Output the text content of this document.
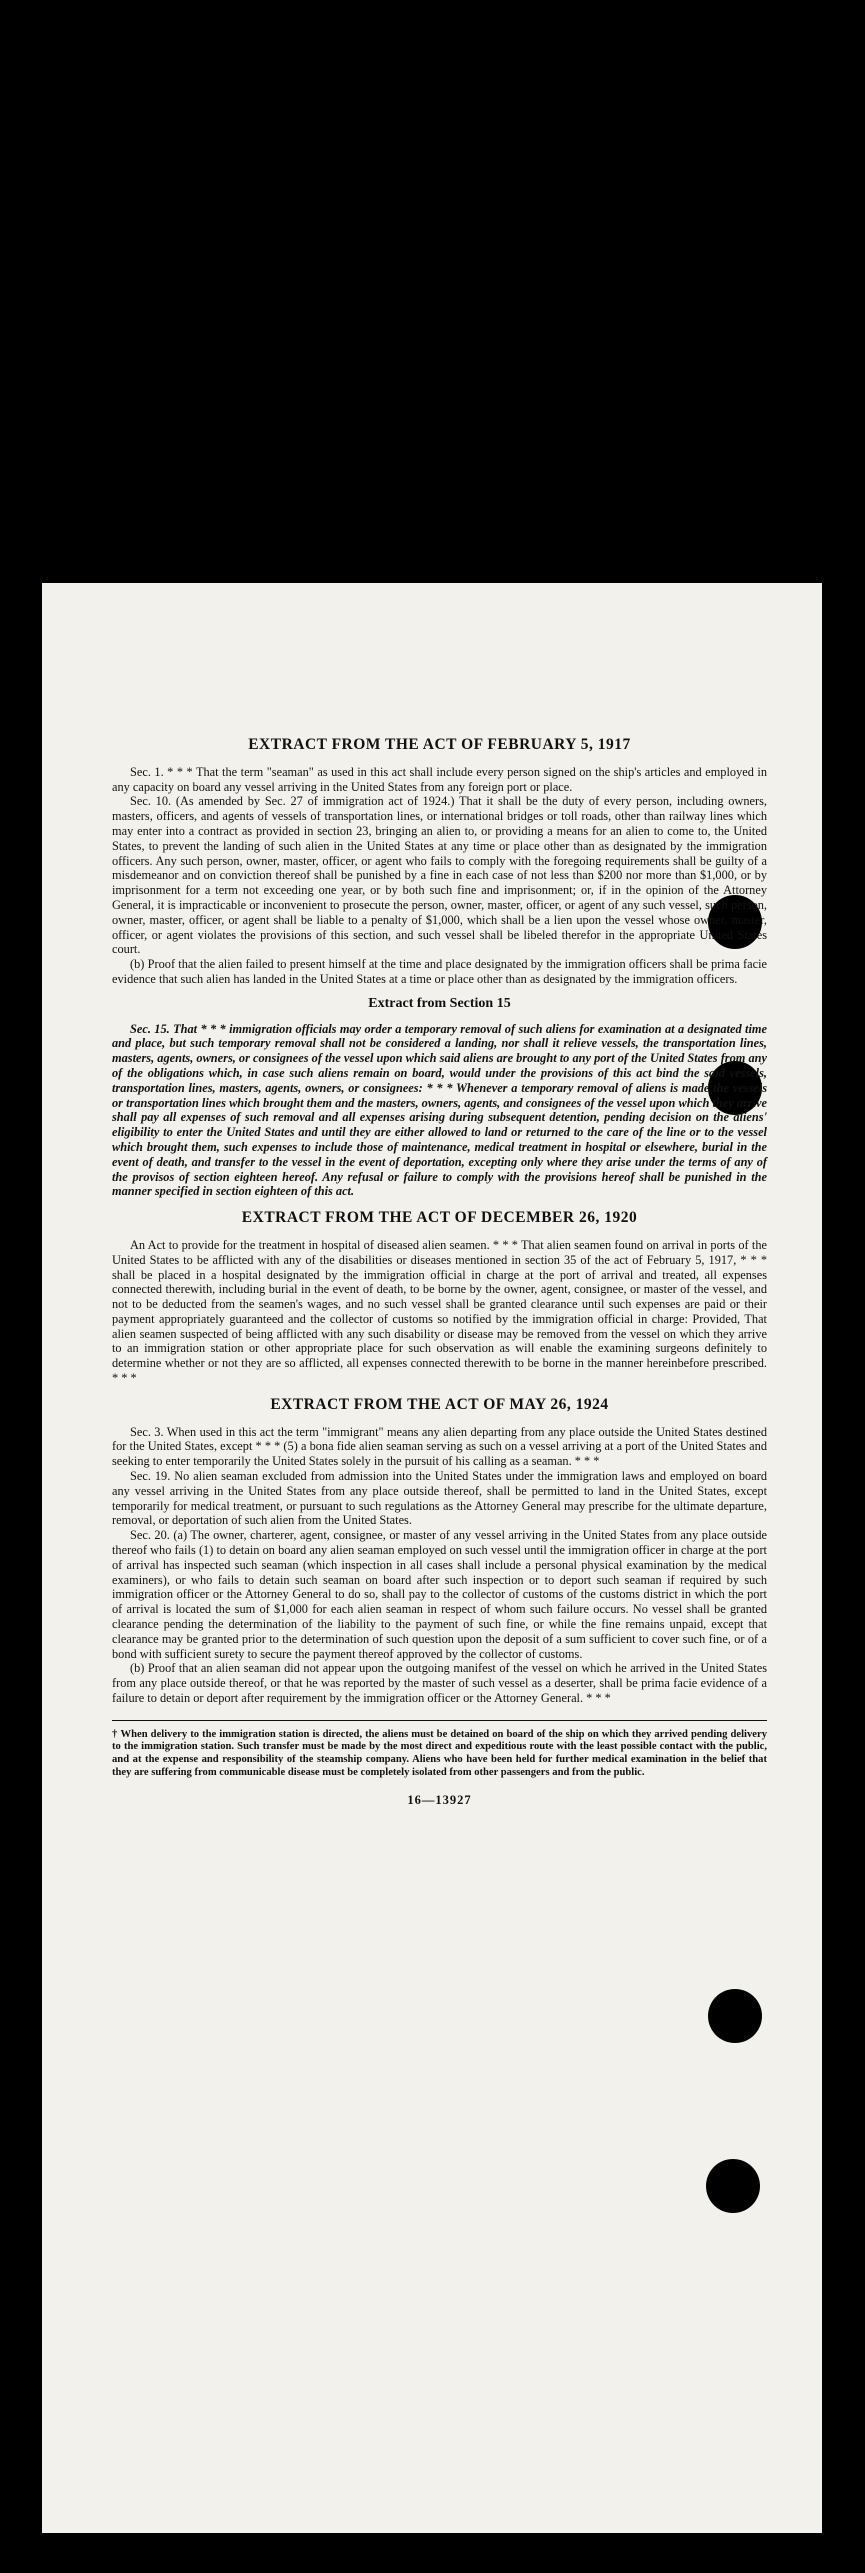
EXTRACT FROM THE ACT OF FEBRUARY 5, 1917

Sec. 1. * * * That the term "seaman" as used in this act shall include every person signed on the ship's articles and employed in any capacity on board any vessel arriving in the United States from any foreign port or place.

Sec. 10. (As amended by Sec. 27 of immigration act of 1924.) That it shall be the duty of every person, including owners, masters, officers, and agents of vessels of transportation lines, or international bridges or toll roads, other than railway lines which may enter into a contract as provided in section 23, bringing an alien to, or providing a means for an alien to come to, the United States, to prevent the landing of such alien in the United States at any time or place other than as designated by the immigration officers. Any such person, owner, master, officer, or agent who fails to comply with the foregoing requirements shall be guilty of a misdemeanor and on conviction thereof shall be punished by a fine in each case of not less than $200 nor more than $1,000, or by imprisonment for a term not exceeding one year, or by both such fine and imprisonment; or, if in the opinion of the Attorney General, it is impracticable or inconvenient to prosecute the person, owner, master, officer, or agent of any such vessel, such person, owner, master, officer, or agent shall be liable to a penalty of $1,000, which shall be a lien upon the vessel whose owner, master, officer, or agent violates the provisions of this section, and such vessel shall be libeled therefor in the appropriate United States court.

(b) Proof that the alien failed to present himself at the time and place designated by the immigration officers shall be prima facie evidence that such alien has landed in the United States at a time or place other than as designated by the immigration officers.

Extract from Section 15

Sec. 15. That * * * immigration officials may order a temporary removal of such aliens for examination at a designated time and place, but such temporary removal shall not be considered a landing, nor shall it relieve vessels, the transportation lines, masters, agents, owners, or consignees of the vessel upon which said aliens are brought to any port of the United States from any of the obligations which, in case such aliens remain on board, would under the provisions of this act bind the said vessels, transportation lines, masters, agents, owners, or consignees: * * * Whenever a temporary removal of aliens is made the vessels or transportation lines which brought them and the masters, owners, agents, and consignees of the vessel upon which they arrive shall pay all expenses of such removal and all expenses arising during subsequent detention, pending decision on the aliens' eligibility to enter the United States and until they are either allowed to land or returned to the care of the line or to the vessel which brought them, such expenses to include those of maintenance, medical treatment in hospital or elsewhere, burial in the event of death, and transfer to the vessel in the event of deportation, excepting only where they arise under the terms of any of the provisos of section eighteen hereof. Any refusal or failure to comply with the provisions hereof shall be punished in the manner specified in section eighteen of this act.

EXTRACT FROM THE ACT OF DECEMBER 26, 1920

An Act to provide for the treatment in hospital of diseased alien seamen. * * * That alien seamen found on arrival in ports of the United States to be afflicted with any of the disabilities or diseases mentioned in section 35 of the act of February 5, 1917, * * * shall be placed in a hospital designated by the immigration official in charge at the port of arrival and treated, all expenses connected therewith, including burial in the event of death, to be borne by the owner, agent, consignee, or master of the vessel, and not to be deducted from the seamen's wages, and no such vessel shall be granted clearance until such expenses are paid or their payment appropriately guaranteed and the collector of customs so notified by the immigration official in charge: Provided, That alien seamen suspected of being afflicted with any such disability or disease may be removed from the vessel on which they arrive to an immigration station or other appropriate place for such observation as will enable the examining surgeons definitely to determine whether or not they are so afflicted, all expenses connected therewith to be borne in the manner hereinbefore prescribed. * * *

EXTRACT FROM THE ACT OF MAY 26, 1924

Sec. 3. When used in this act the term "immigrant" means any alien departing from any place outside the United States destined for the United States, except * * * (5) a bona fide alien seaman serving as such on a vessel arriving at a port of the United States and seeking to enter temporarily the United States solely in the pursuit of his calling as a seaman. * * *

Sec. 19. No alien seaman excluded from admission into the United States under the immigration laws and employed on board any vessel arriving in the United States from any place outside thereof, shall be permitted to land in the United States, except temporarily for medical treatment, or pursuant to such regulations as the Attorney General may prescribe for the ultimate departure, removal, or deportation of such alien from the United States.

Sec. 20. (a) The owner, charterer, agent, consignee, or master of any vessel arriving in the United States from any place outside thereof who fails (1) to detain on board any alien seaman employed on such vessel until the immigration officer in charge at the port of arrival has inspected such seaman (which inspection in all cases shall include a personal physical examination by the medical examiners), or who fails to detain such seaman on board after such inspection or to deport such seaman if required by such immigration officer or the Attorney General to do so, shall pay to the collector of customs of the customs district in which the port of arrival is located the sum of $1,000 for each alien seaman in respect of whom such failure occurs. No vessel shall be granted clearance pending the determination of the liability to the payment of such fine, or while the fine remains unpaid, except that clearance may be granted prior to the determination of such question upon the deposit of a sum sufficient to cover such fine, or of a bond with sufficient surety to secure the payment thereof approved by the collector of customs.

(b) Proof that an alien seaman did not appear upon the outgoing manifest of the vessel on which he arrived in the United States from any place outside thereof, or that he was reported by the master of such vessel as a deserter, shall be prima facie evidence of a failure to detain or deport after requirement by the immigration officer or the Attorney General. * * *

† When delivery to the immigration station is directed, the aliens must be detained on board of the ship on which they arrived pending delivery to the immigration station. Such transfer must be made by the most direct and expeditious route with the least possible contact with the public, and at the expense and responsibility of the steamship company. Aliens who have been held for further medical examination in the belief that they are suffering from communicable disease must be completely isolated from other passengers and from the public.
16—13927
